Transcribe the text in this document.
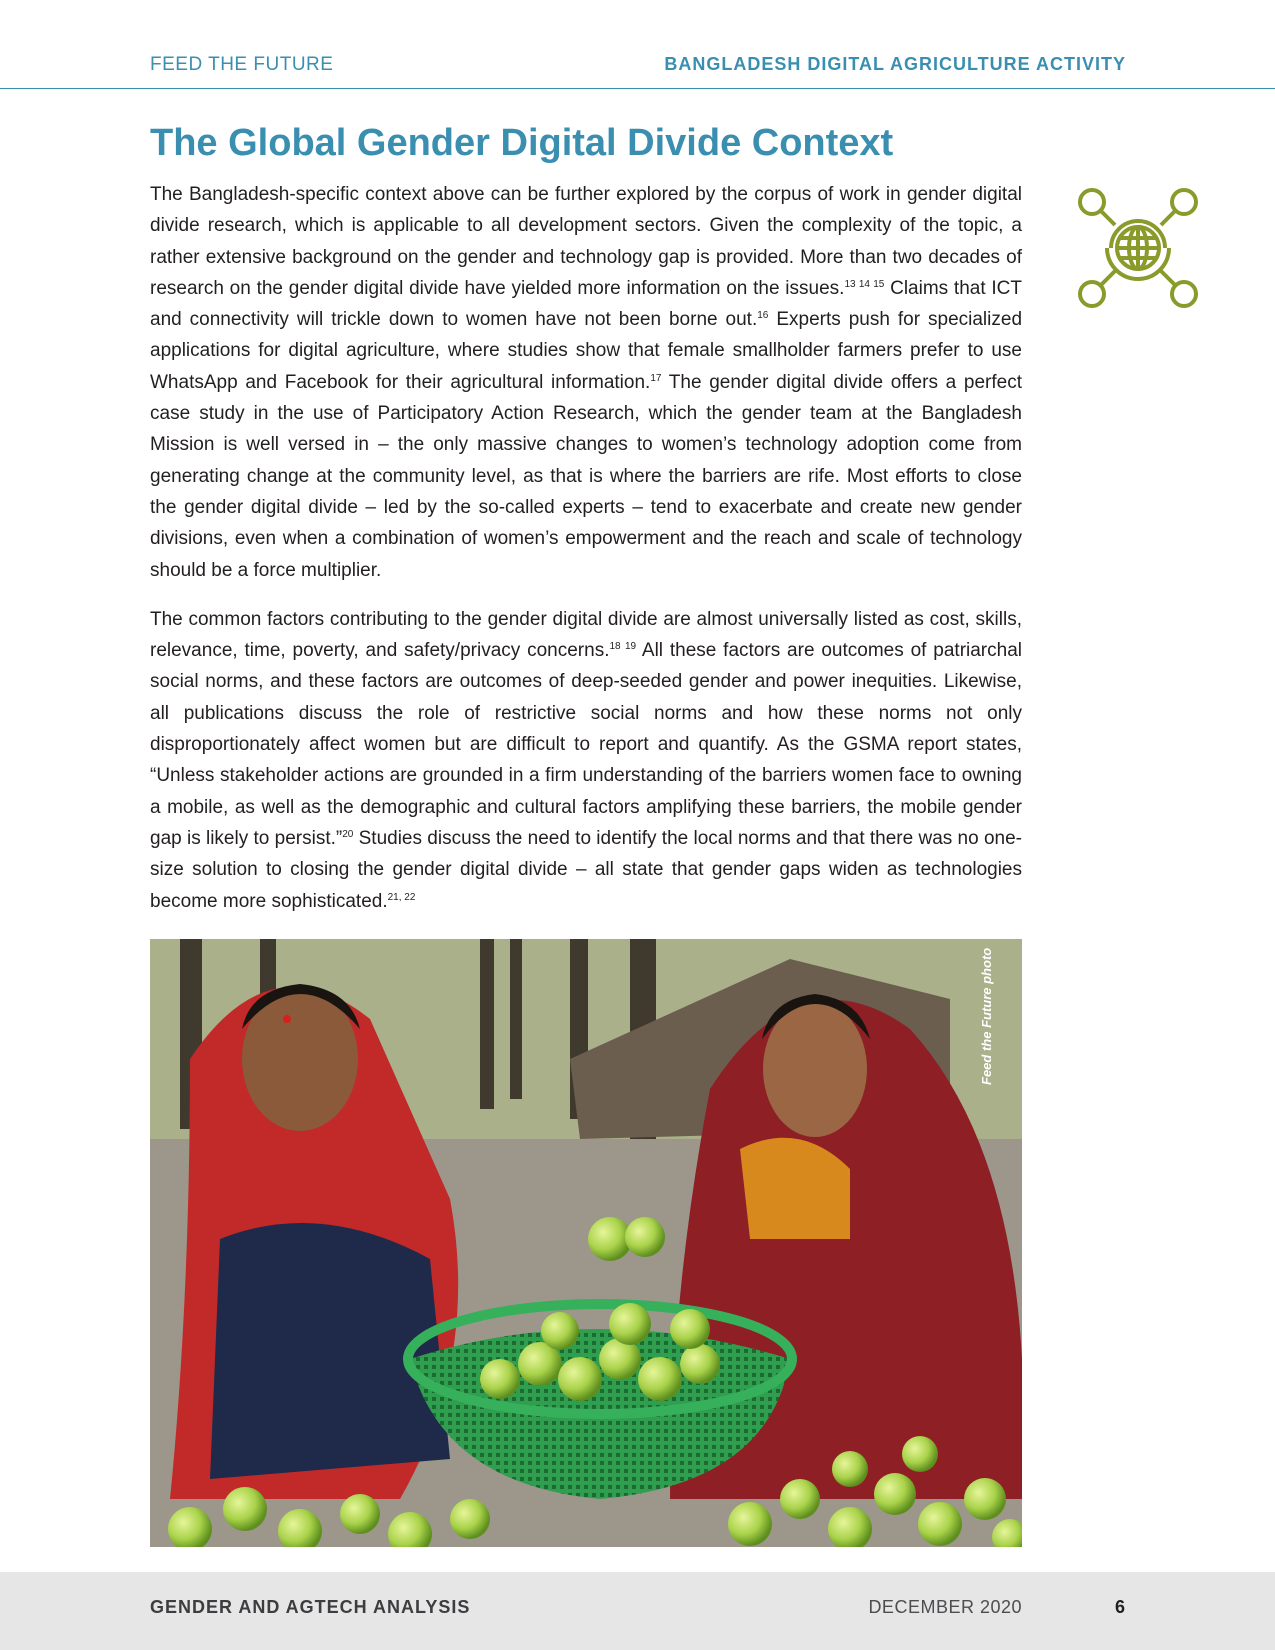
FEED THE FUTURE	BANGLADESH DIGITAL AGRICULTURE ACTIVITY
The Global Gender Digital Divide Context

The Bangladesh-specific context above can be further explored by the corpus of work in gender digital divide research, which is applicable to all development sectors. Given the complexity of the topic, a rather extensive background on the gender and technology gap is provided. More than two decades of research on the gender digital divide have yielded more information on the issues.$^{13 14 15}$ Claims that ICT and connectivity will trickle down to women have not been borne out.$^{16}$ Experts push for specialized applications for digital agriculture, where studies show that female smallholder farmers prefer to use WhatsApp and Facebook for their agricultural information.$^{17}$ The gender digital divide offers a perfect case study in the use of Participatory Action Research, which the gender team at the Bangladesh Mission is well versed in – the only massive changes to women’s technology adoption come from generating change at the community level, as that is where the barriers are rife. Most efforts to close the gender digital divide – led by the so-called experts – tend to exacerbate and create new gender divisions, even when a combination of women’s empowerment and the reach and scale of technology should be a force multiplier.

The common factors contributing to the gender digital divide are almost universally listed as cost, skills, relevance, time, poverty, and safety/privacy concerns.$^{18 19}$ All these factors are outcomes of patriarchal social norms, and these factors are outcomes of deep-seeded gender and power inequities. Likewise, all publications discuss the role of restrictive social norms and how these norms not only disproportionately affect women but are difficult to report and quantify. As the GSMA report states, “Unless stakeholder actions are grounded in a firm understanding of the barriers women face to owning a mobile, as well as the demographic and cultural factors amplifying these barriers, the mobile gender gap is likely to persist.”$^{20}$ Studies discuss the need to identify the local norms and that there was no one-size solution to closing the gender digital divide – all state that gender gaps widen as technologies become more sophisticated.$^{21, 22}$

Feed the Future photo
GENDER AND AGTECH ANALYSIS	DECEMBER 2020	6
